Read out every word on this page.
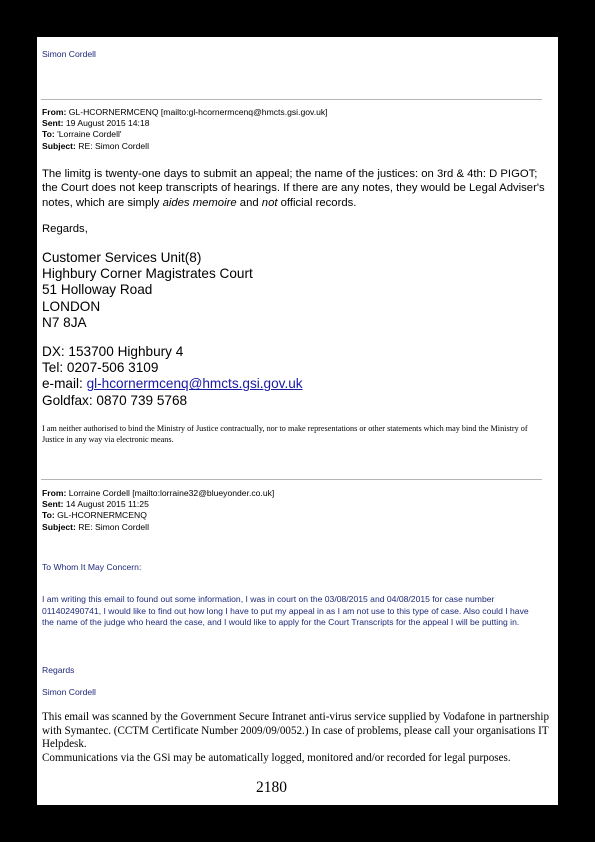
Simon Cordell
From: GL-HCORNERMCENQ [mailto:gl-hcornermcenq@hmcts.gsi.gov.uk]
Sent: 19 August 2015 14:18
To: 'Lorraine Cordell'
Subject: RE: Simon Cordell
The limitg is twenty-one days to submit an appeal; the name of the justices: on 3rd & 4th: D PIGOT; the Court does not keep transcripts of hearings. If there are any notes, they would be Legal Adviser's notes, which are simply aides memoire and not official records.
Regards,
Customer Services Unit(8)
Highbury Corner Magistrates Court
51 Holloway Road
LONDON
N7 8JA
DX: 153700 Highbury 4
Tel: 0207-506 3109
e-mail: gl-hcornermcenq@hmcts.gsi.gov.uk
Goldfax: 0870 739 5768
I am neither authorised to bind the Ministry of Justice contractually, nor to make representations or other statements which may bind the Ministry of Justice in any way via electronic means.
From: Lorraine Cordell [mailto:lorraine32@blueyonder.co.uk]
Sent: 14 August 2015 11:25
To: GL-HCORNERMCENQ
Subject: RE: Simon Cordell
To Whom It May Concern:
I am writing this email to found out some information, I was in court on the 03/08/2015 and 04/08/2015 for case number 011402490741, I would like to find out how long I have to put my appeal in as I am not use to this type of case. Also could I have the name of the judge who heard the case, and I would like to apply for the Court Transcripts for the appeal I will be putting in.
Regards
Simon Cordell
This email was scanned by the Government Secure Intranet anti-virus service supplied by Vodafone in partnership with Symantec. (CCTM Certificate Number 2009/09/0052.) In case of problems, please call your organisations IT Helpdesk.
Communications via the GSi may be automatically logged, monitored and/or recorded for legal purposes.
2180
